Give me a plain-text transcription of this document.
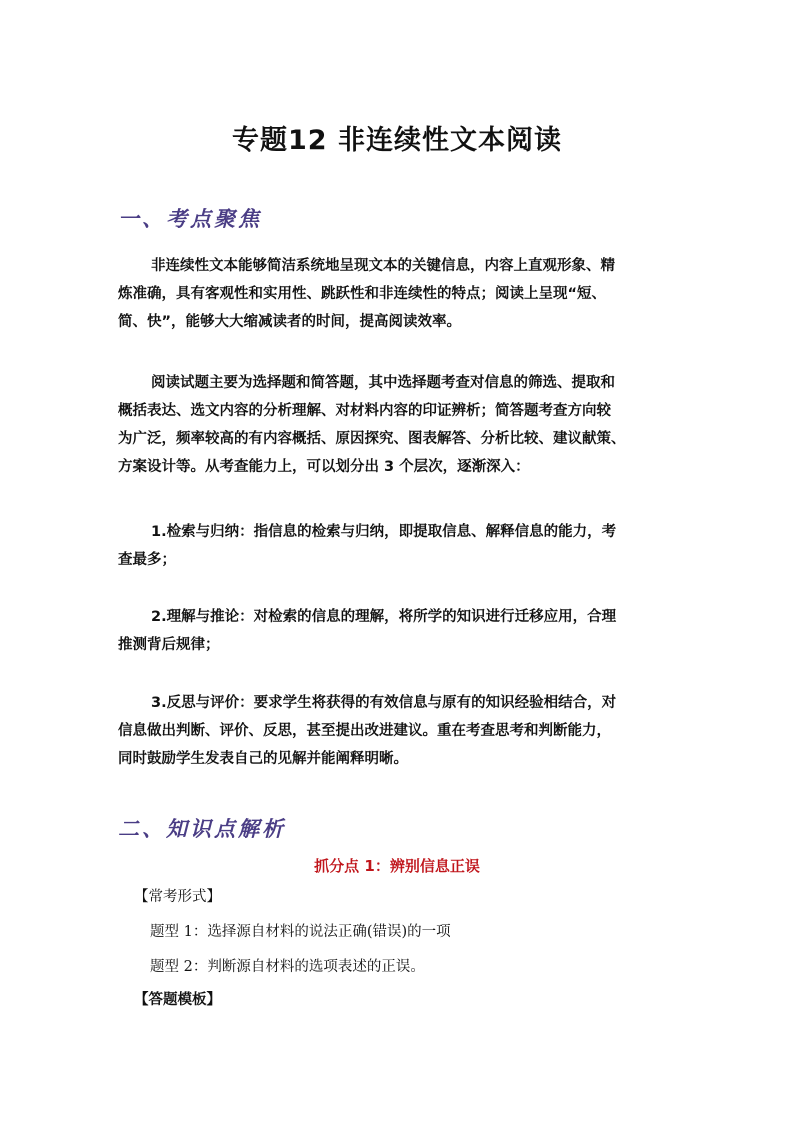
专题12 非连续性文本阅读
一、考点聚焦
非连续性文本能够简洁系统地呈现文本的关键信息，内容上直观形象、精
炼准确，具有客观性和实用性、跳跃性和非连续性的特点；阅读上呈现“短、
简、快”，能够大大缩减读者的时间，提高阅读效率。
阅读试题主要为选择题和简答题，其中选择题考查对信息的筛选、提取和
概括表达、选文内容的分析理解、对材料内容的印证辨析；简答题考查方向较
为广泛，频率较高的有内容概括、原因探究、图表解答、分析比较、建议献策、
方案设计等。从考查能力上，可以划分出 3 个层次，逐渐深入：
1.检索与归纳：指信息的检索与归纳，即提取信息、解释信息的能力，考
查最多；
2.理解与推论：对检索的信息的理解，将所学的知识进行迁移应用，合理
推测背后规律；
3.反思与评价：要求学生将获得的有效信息与原有的知识经验相结合，对
信息做出判断、评价、反思，甚至提出改进建议。重在考查思考和判断能力，
同时鼓励学生发表自己的见解并能阐释明晰。
二、知识点解析
抓分点 1：辨别信息正误
【常考形式】
题型 1：选择源自材料的说法正确(错误)的一项
题型 2：判断源自材料的选项表述的正误。
【答题模板】
